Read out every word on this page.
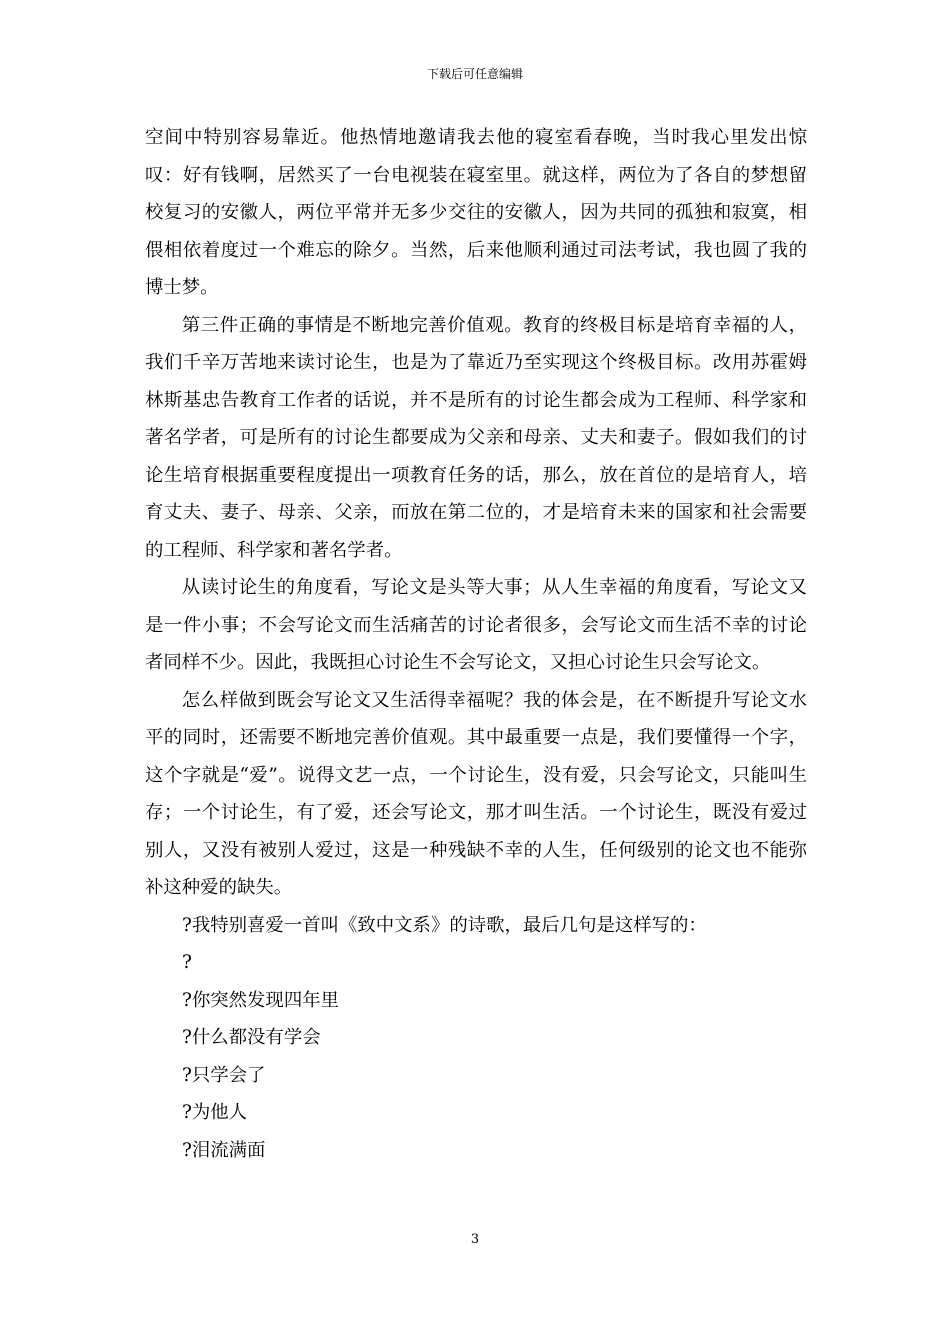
下载后可任意编辑

空间中特别容易靠近。他热情地邀请我去他的寝室看春晚，当时我心里发出惊叹：好有钱啊，居然买了一台电视装在寝室里。就这样，两位为了各自的梦想留校复习的安徽人，两位平常并无多少交往的安徽人，因为共同的孤独和寂寞，相偎相依着度过一个难忘的除夕。当然，后来他顺利通过司法考试，我也圆了我的博士梦。

第三件正确的事情是不断地完善价值观。教育的终极目标是培育幸福的人，我们千辛万苦地来读讨论生，也是为了靠近乃至实现这个终极目标。改用苏霍姆林斯基忠告教育工作者的话说，并不是所有的讨论生都会成为工程师、科学家和著名学者，可是所有的讨论生都要成为父亲和母亲、丈夫和妻子。假如我们的讨论生培育根据重要程度提出一项教育任务的话，那么，放在首位的是培育人，培育丈夫、妻子、母亲、父亲，而放在第二位的，才是培育未来的国家和社会需要的工程师、科学家和著名学者。

从读讨论生的角度看，写论文是头等大事；从人生幸福的角度看，写论文又是一件小事；不会写论文而生活痛苦的讨论者很多，会写论文而生活不幸的讨论者同样不少。因此，我既担心讨论生不会写论文，又担心讨论生只会写论文。

怎么样做到既会写论文又生活得幸福呢？我的体会是，在不断提升写论文水平的同时，还需要不断地完善价值观。其中最重要一点是，我们要懂得一个字，这个字就是“爱”。说得文艺一点，一个讨论生，没有爱，只会写论文，只能叫生存；一个讨论生，有了爱，还会写论文，那才叫生活。一个讨论生，既没有爱过别人，又没有被别人爱过，这是一种残缺不幸的人生，任何级别的论文也不能弥补这种爱的缺失。

?我特别喜爱一首叫《致中文系》的诗歌，最后几句是这样写的：

?

?你突然发现四年里

?什么都没有学会

?只学会了

?为他人

?泪流满面

3
